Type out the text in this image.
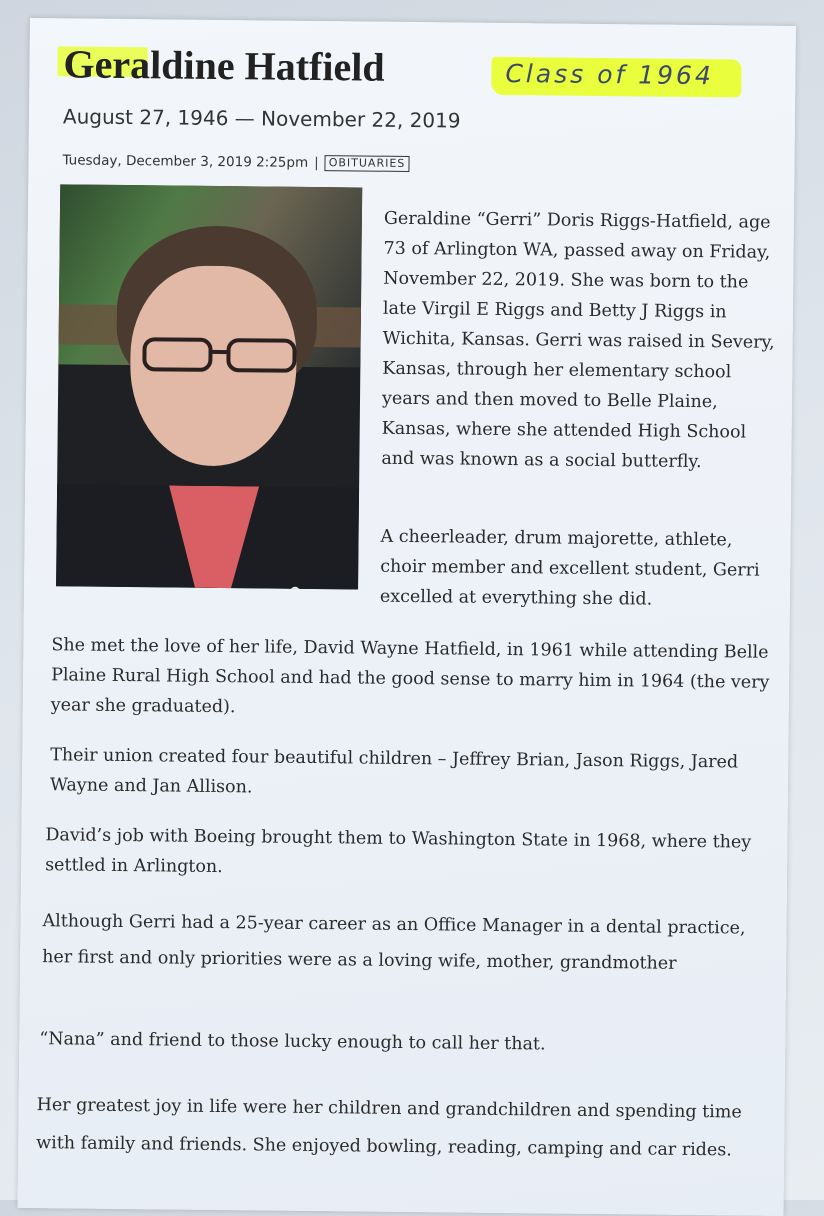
Geraldine Hatfield	Class of 1964
August 27, 1946 — November 22, 2019
Tuesday, December 3, 2019 2:25pm | OBITUARIES

Geraldine “Gerri” Doris Riggs-Hatfield, age 73 of Arlington WA, passed away on Friday, November 22, 2019. She was born to the late Virgil E Riggs and Betty J Riggs in Wichita, Kansas. Gerri was raised in Severy, Kansas, through her elementary school years and then moved to Belle Plaine, Kansas, where she attended High School and was known as a social butterfly.

A cheerleader, drum majorette, athlete, choir member and excellent student, Gerri excelled at everything she did.

She met the love of her life, David Wayne Hatfield, in 1961 while attending Belle Plaine Rural High School and had the good sense to marry him in 1964 (the very year she graduated).

Their union created four beautiful children – Jeffrey Brian, Jason Riggs, Jared Wayne and Jan Allison.

David’s job with Boeing brought them to Washington State in 1968, where they settled in Arlington.

Although Gerri had a 25-year career as an Office Manager in a dental practice, her first and only priorities were as a loving wife, mother, grandmother

“Nana” and friend to those lucky enough to call her that.

Her greatest joy in life were her children and grandchildren and spending time with family and friends. She enjoyed bowling, reading, camping and car rides.
